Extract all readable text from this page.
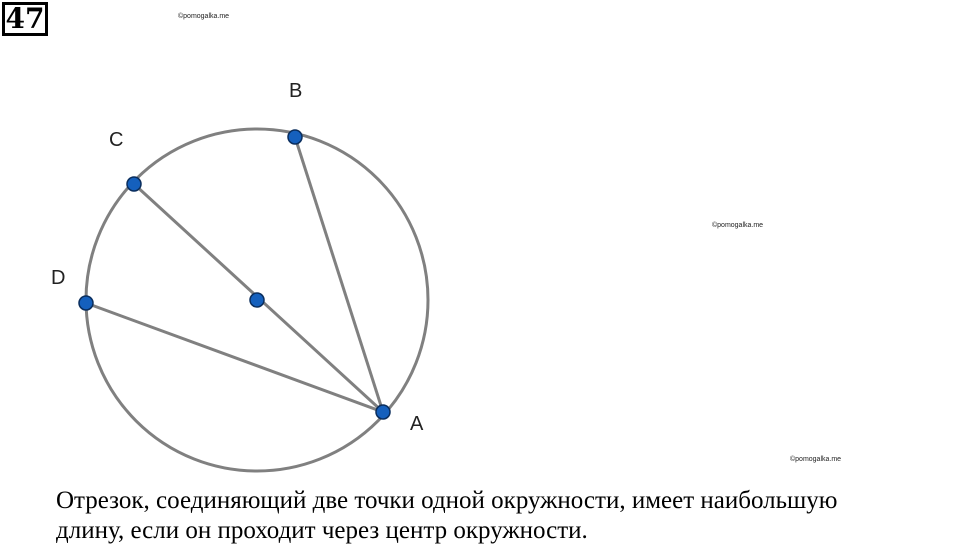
47	©pomogalka.me
©pomogalka.me
©pomogalka.me
B
C
D
A
Отрезок, соединяющий две точки одной окружности, имеет наибольшую
длину, если он проходит через центр окружности.
